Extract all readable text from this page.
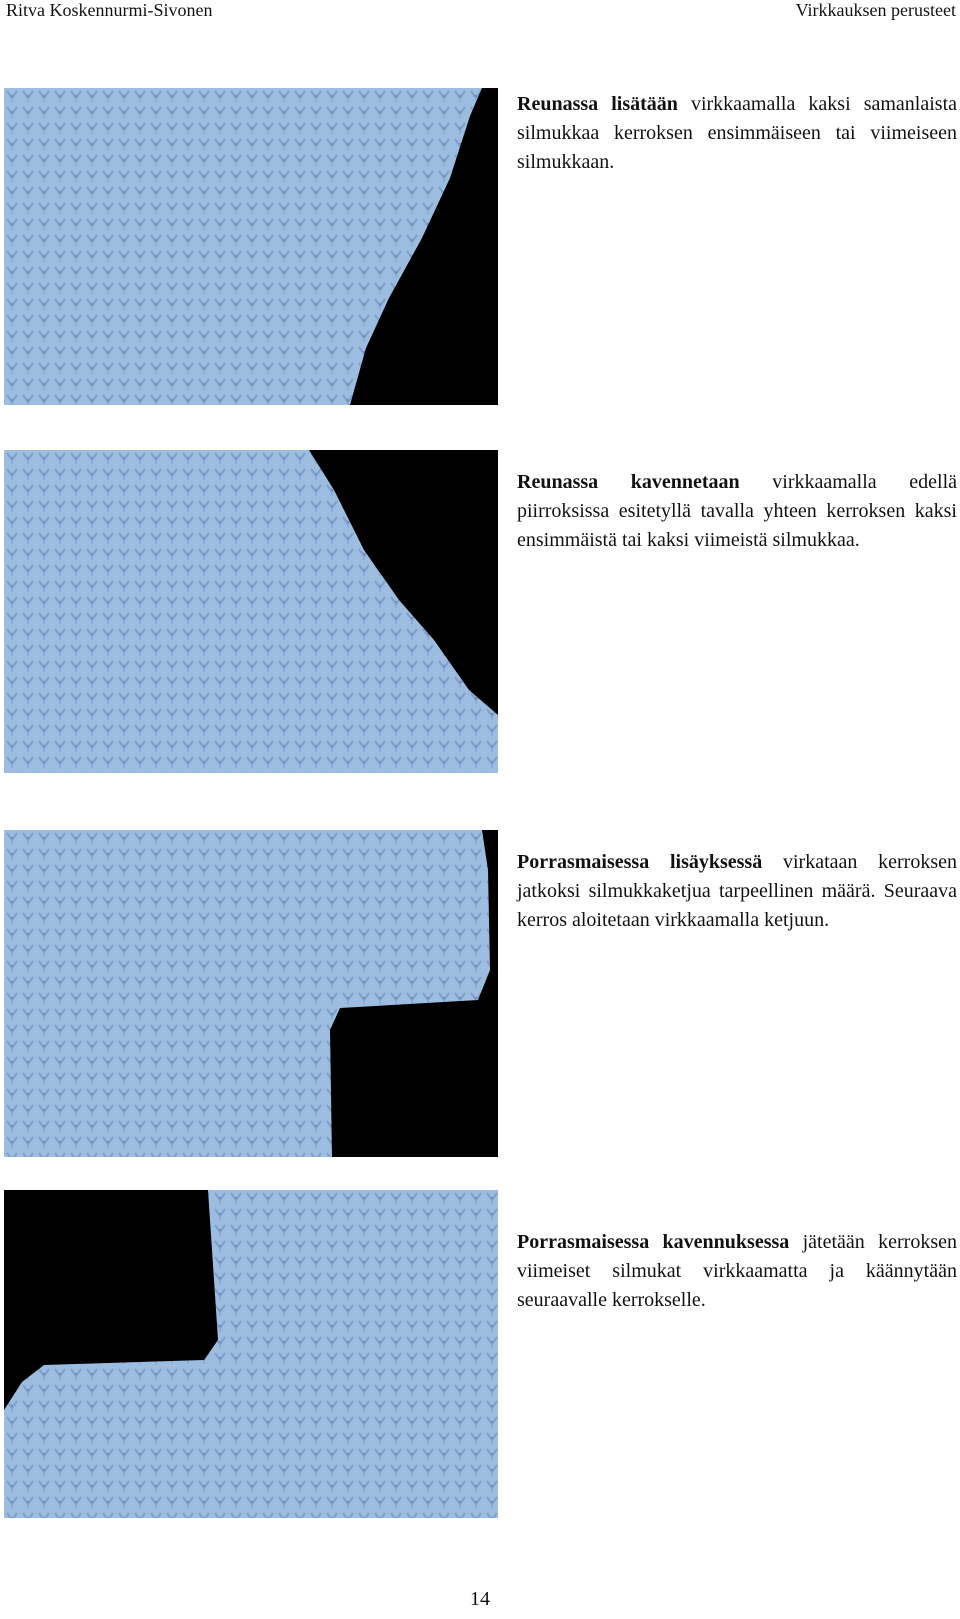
Ritva Koskennurmi-Sivonen	Virkkauksen perusteet
Reunassa lisätään virkkaamalla kaksi samanlaista silmukkaa kerroksen ensimmäiseen tai viimeiseen silmukkaan.
Reunassa kavennetaan virkkaamalla edellä piirroksissa esitetyllä tavalla yhteen kerroksen kaksi ensimmäistä tai kaksi viimeistä silmukkaa.
Porrasmaisessa lisäyksessä virkataan kerroksen jatkoksi silmukkaketjua tarpeellinen määrä. Seuraava kerros aloitetaan virkkaamalla ketjuun.
Porrasmaisessa kavennuksessa jätetään kerroksen viimeiset silmukat virkkaamatta ja käännytään seuraavalle kerrokselle.
14
